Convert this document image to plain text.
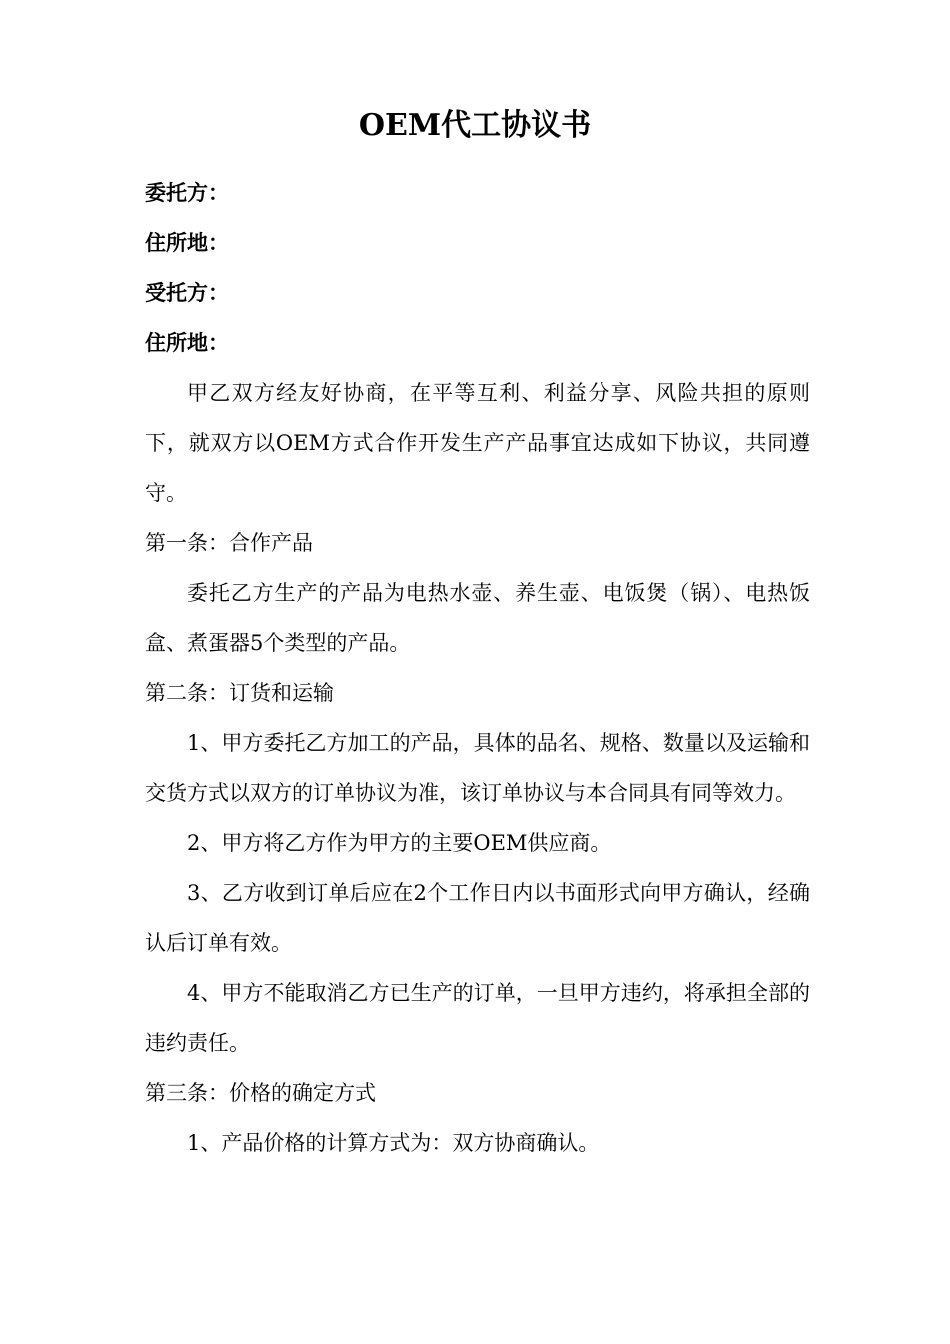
OEM代工协议书
委托方：
住所地：
受托方：
住所地：

甲乙双方经友好协商，在平等互利、利益分享、风险共担的原则下，就双方以OEM方式合作开发生产产品事宜达成如下协议，共同遵守。

第一条：合作产品

委托乙方生产的产品为电热水壶、养生壶、电饭煲（锅）、电热饭盒、煮蛋器5个类型的产品。

第二条：订货和运输

1、甲方委托乙方加工的产品，具体的品名、规格、数量以及运输和交货方式以双方的订单协议为准，该订单协议与本合同具有同等效力。

2、甲方将乙方作为甲方的主要OEM供应商。

3、乙方收到订单后应在2个工作日内以书面形式向甲方确认，经确认后订单有效。

4、甲方不能取消乙方已生产的订单，一旦甲方违约，将承担全部的违约责任。

第三条：价格的确定方式

1、产品价格的计算方式为：双方协商确认。
